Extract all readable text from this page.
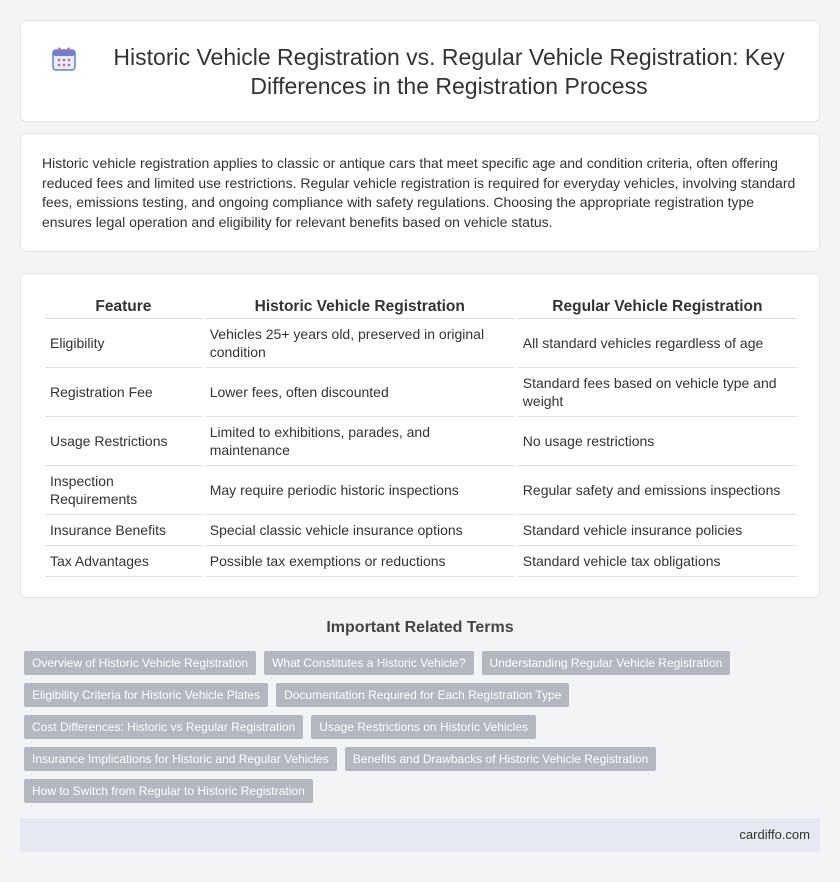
Historic Vehicle Registration vs. Regular Vehicle Registration: Key Differences in the Registration Process

Historic vehicle registration applies to classic or antique cars that meet specific age and condition criteria, often offering reduced fees and limited use restrictions. Regular vehicle registration is required for everyday vehicles, involving standard fees, emissions testing, and ongoing compliance with safety regulations. Choosing the appropriate registration type ensures legal operation and eligibility for relevant benefits based on vehicle status.

Feature	Historic Vehicle Registration	Regular Vehicle Registration
Eligibility	Vehicles 25+ years old, preserved in original condition	All standard vehicles regardless of age
Registration Fee	Lower fees, often discounted	Standard fees based on vehicle type and weight
Usage Restrictions	Limited to exhibitions, parades, and maintenance	No usage restrictions
Inspection Requirements	May require periodic historic inspections	Regular safety and emissions inspections
Insurance Benefits	Special classic vehicle insurance options	Standard vehicle insurance policies
Tax Advantages	Possible tax exemptions or reductions	Standard vehicle tax obligations
Important Related Terms
Overview of Historic Vehicle Registration	What Constitutes a Historic Vehicle?	Understanding Regular Vehicle Registration
Eligibility Criteria for Historic Vehicle Plates	Documentation Required for Each Registration Type
Cost Differences: Historic vs Regular Registration	Usage Restrictions on Historic Vehicles
Insurance Implications for Historic and Regular Vehicles	Benefits and Drawbacks of Historic Vehicle Registration
How to Switch from Regular to Historic Registration
cardiffo.com
